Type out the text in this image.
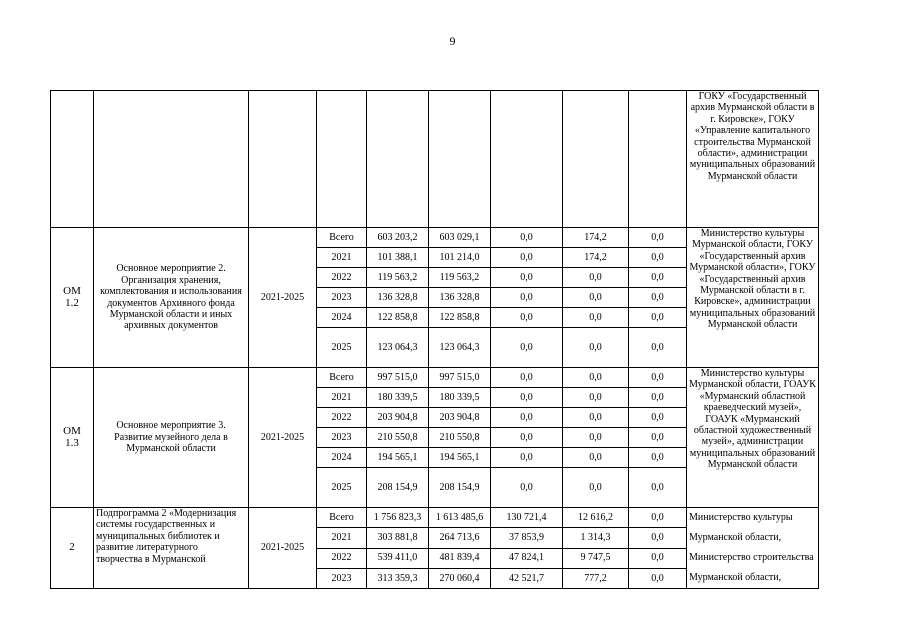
9
									ГОКУ «Государственный архив Мурманской области в г. Кировске», ГОКУ «Управление капитального строительства Мурманской области», администрации муниципальных образований Мурманской области
ОМ
1.2	Основное мероприятие 2. Организация хранения, комплектования и использования документов Архивного фонда Мурманской области и иных архивных документов	2021-2025	Всего	603 203,2	603 029,1	0,0	174,2	0,0	Министерство культуры Мурманской области, ГОКУ «Государственный архив Мурманской области», ГОКУ «Государственный архив Мурманской области в г. Кировске», администрации муниципальных образований Мурманской области
			2021	101 388,1	101 214,0	0,0	174,2	0,0	
			2022	119 563,2	119 563,2	0,0	0,0	0,0	
			2023	136 328,8	136 328,8	0,0	0,0	0,0	
			2024	122 858,8	122 858,8	0,0	0,0	0,0	
			2025	123 064,3	123 064,3	0,0	0,0	0,0	
ОМ
1.3	Основное мероприятие 3. Развитие музейного дела в Мурманской области	2021-2025	Всего	997 515,0	997 515,0	0,0	0,0	0,0	Министерство культуры Мурманской области, ГОАУК «Мурманский областной краеведческий музей», ГОАУК «Мурманский областной художественный музей», администрации муниципальных образований Мурманской области
			2021	180 339,5	180 339,5	0,0	0,0	0,0	
			2022	203 904,8	203 904,8	0,0	0,0	0,0	
			2023	210 550,8	210 550,8	0,0	0,0	0,0	
			2024	194 565,1	194 565,1	0,0	0,0	0,0	
			2025	208 154,9	208 154,9	0,0	0,0	0,0	
2	Подпрограмма 2 «Модернизация системы государственных и муниципальных библиотек и развитие литературного творчества в Мурманской	2021-2025	Всего	1 756 823,3	1 613 485,6	130 721,4	12 616,2	0,0	Министерство культуры Мурманской области, Министерство строительства Мурманской области,
			2021	303 881,8	264 713,6	37 853,9	1 314,3	0,0	
			2022	539 411,0	481 839,4	47 824,1	9 747,5	0,0	
			2023	313 359,3	270 060,4	42 521,7	777,2	0,0	
